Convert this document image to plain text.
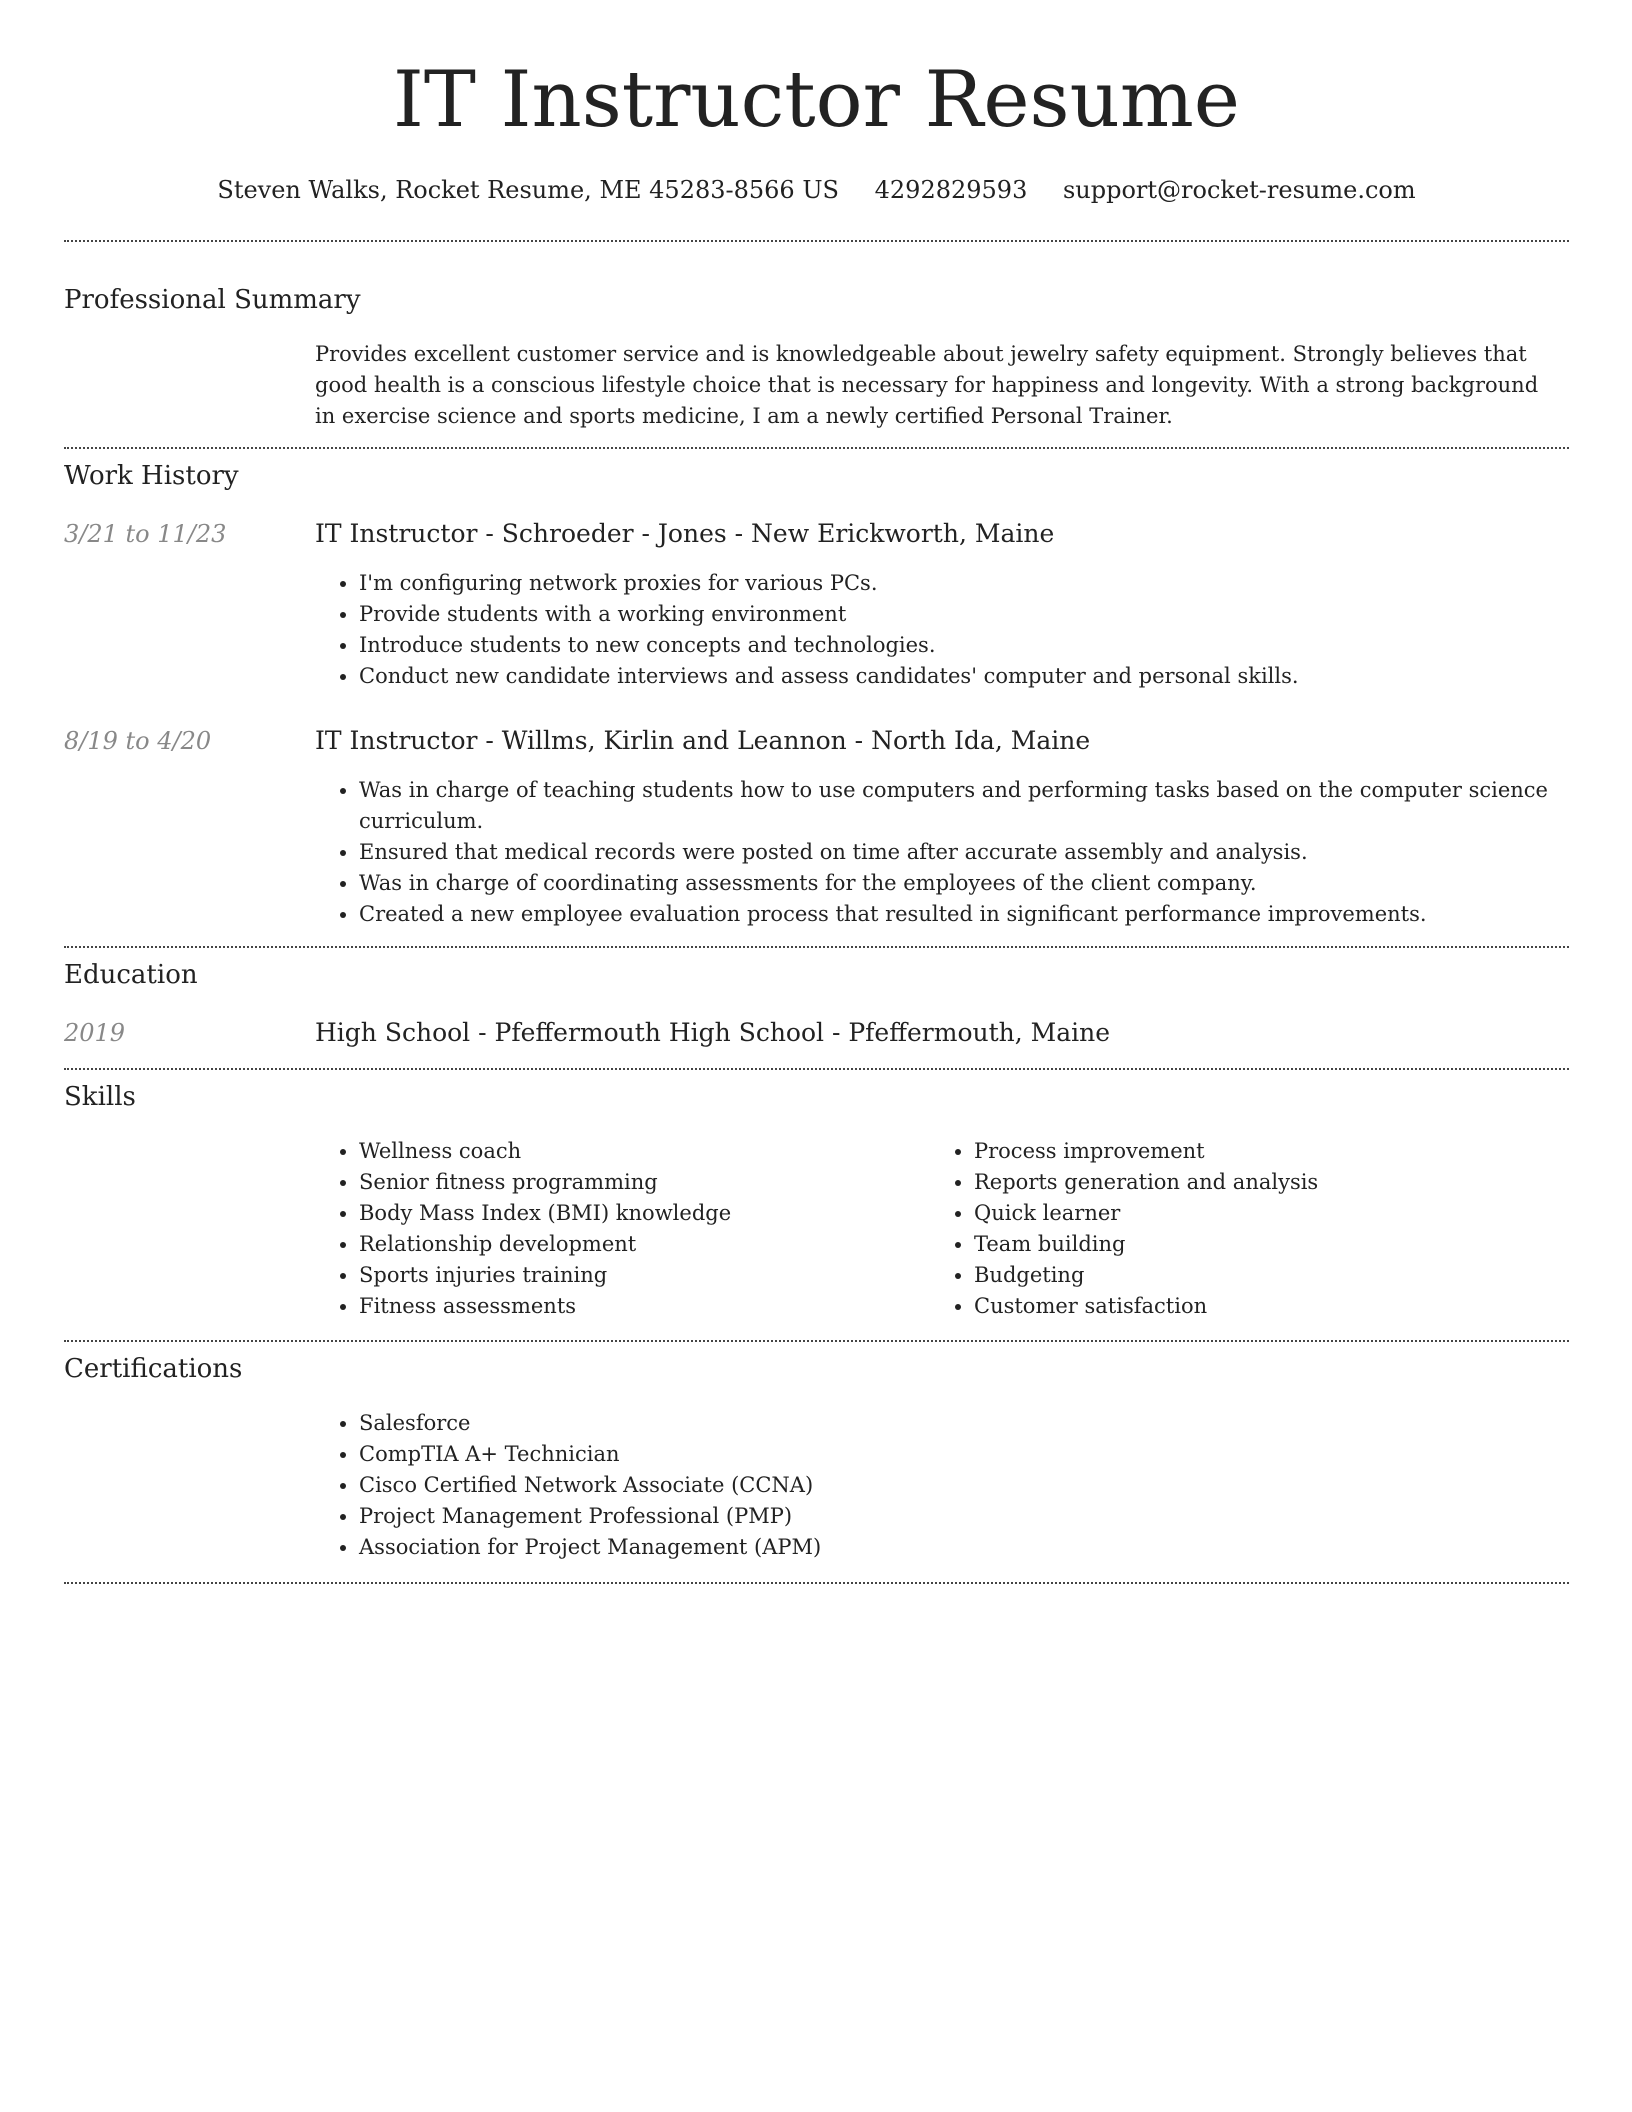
IT Instructor Resume
Steven Walks, Rocket Resume, ME 45283-8566 US 4292829593 support@rocket-resume.com
Professional Summary
Provides excellent customer service and is knowledgeable about jewelry safety equipment. Strongly believes that good health is a conscious lifestyle choice that is necessary for happiness and longevity. With a strong background in exercise science and sports medicine, I am a newly certified Personal Trainer.
Work History
3/21 to 11/23	IT Instructor - Schroeder - Jones - New Erickworth, Maine
• I'm configuring network proxies for various PCs.
• Provide students with a working environment
• Introduce students to new concepts and technologies.
• Conduct new candidate interviews and assess candidates' computer and personal skills.
8/19 to 4/20	IT Instructor - Willms, Kirlin and Leannon - North Ida, Maine
• Was in charge of teaching students how to use computers and performing tasks based on the computer science curriculum.
• Ensured that medical records were posted on time after accurate assembly and analysis.
• Was in charge of coordinating assessments for the employees of the client company.
• Created a new employee evaluation process that resulted in significant performance improvements.
Education
2019	High School - Pfeffermouth High School - Pfeffermouth, Maine
Skills
• Wellness coach
• Senior fitness programming
• Body Mass Index (BMI) knowledge
• Relationship development
• Sports injuries training
• Fitness assessments
• Process improvement
• Reports generation and analysis
• Quick learner
• Team building
• Budgeting
• Customer satisfaction
Certifications
• Salesforce
• CompTIA A+ Technician
• Cisco Certified Network Associate (CCNA)
• Project Management Professional (PMP)
• Association for Project Management (APM)
